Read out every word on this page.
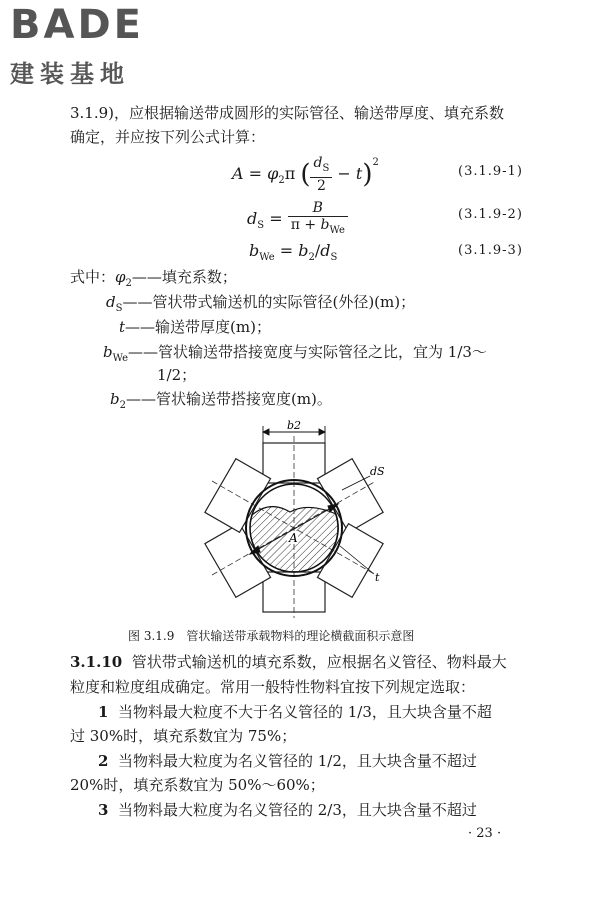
BADE
建装基地
3.1.9)，应根据输送带成圆形的实际管径、输送带厚度、填充系数
确定，并应按下列公式计算：
$A = \varphi_2\pi$ ( $\frac{d_S}{2} - t)^2$
(3.1.9-1)
$d_S = \frac{B}{\pi + b_{We}}$	(3.1.9-2)
$b_{We} = b_2/d_S$	(3.1.9-3)
式中：$\varphi_2——$填充系数；
$d_S——$管状带式输送机的实际管径(外径)(m)；
t——输送带厚度(m)；
$b_{We}——$管状输送带搭接宽度与实际管径之比，宜为 1/3～
1/2；
$b_2——$管状输送带搭接宽度(m)。
A
b2
dS
t
图 3.1.9　管状输送带承载物料的理论横截面积示意图
3.1.10 管状带式输送机的填充系数，应根据名义管径、物料最大
粒度和粒度组成确定。常用一般特性物料宜按下列规定选取：
1 当物料最大粒度不大于名义管径的 1/3，且大块含量不超
过 30%时，填充系数宜为 75%；
2 当物料最大粒度为名义管径的 1/2，且大块含量不超过
20%时，填充系数宜为 50%～60%；
3 当物料最大粒度为名义管径的 2/3，且大块含量不超过
· 23 ·
